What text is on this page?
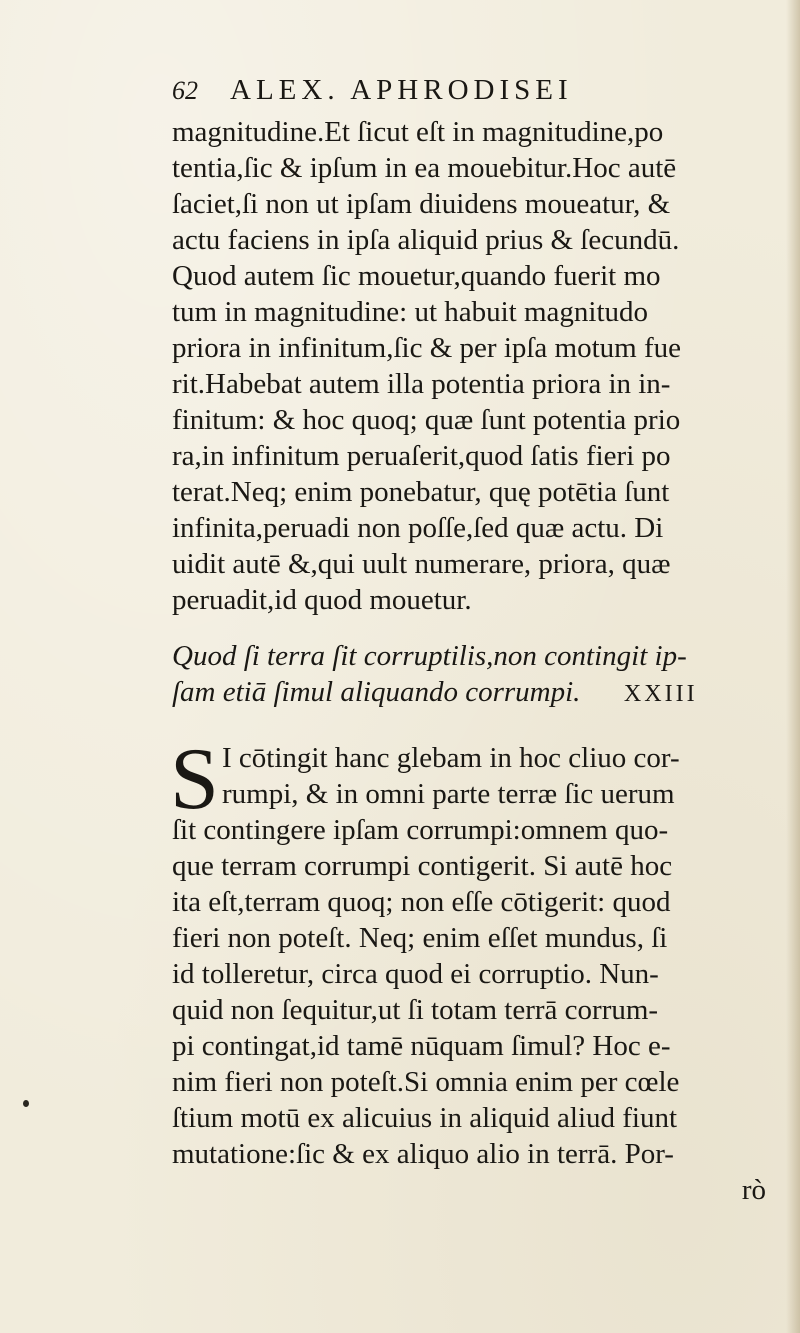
62	ALEX. APHRODISEI
magnitudine.Et ſicut eſt in magnitudine,po
tentia,ſic & ipſum in ea mouebitur.Hoc autē
ſaciet,ſi non ut ipſam diuidens moueatur, &
actu faciens in ipſa aliquid prius & ſecundū.
Quod autem ſic mouetur,quando fuerit mo
tum in magnitudine: ut habuit magnitudo
priora in infinitum,ſic & per ipſa motum fue
rit.Habebat autem illa potentia priora in in-
finitum: & hoc quoq; quæ ſunt potentia prio
ra,in infinitum peruaſerit,quod ſatis fieri po
terat.Neq; enim ponebatur, quę potētia ſunt
infinita,peruadi non poſſe,ſed quæ actu. Di
uidit autē &,qui uult numerare, priora, quæ
peruadit,id quod mouetur.
Quod ſi terra ſit corruptilis,non contingit ip-
ſam etiā ſimul aliquando corrumpi. XXIII
S I cōtingit hanc glebam in hoc cliuo cor-
rumpi, & in omni parte terræ ſic uerum
ſit contingere ipſam corrumpi:omnem quo-
que terram corrumpi contigerit. Si autē hoc
ita eſt,terram quoq; non eſſe cōtigerit: quod
fieri non poteſt. Neq; enim eſſet mundus, ſi
id tolleretur, circa quod ei corruptio. Nun-
quid non ſequitur,ut ſi totam terrā corrum-
pi contingat,id tamē nūquam ſimul? Hoc e-
nim fieri non poteſt.Si omnia enim per cœle
ſtium motū ex alicuius in aliquid aliud fiunt
mutatione:ſic & ex aliquo alio in terrā. Por-
rò
